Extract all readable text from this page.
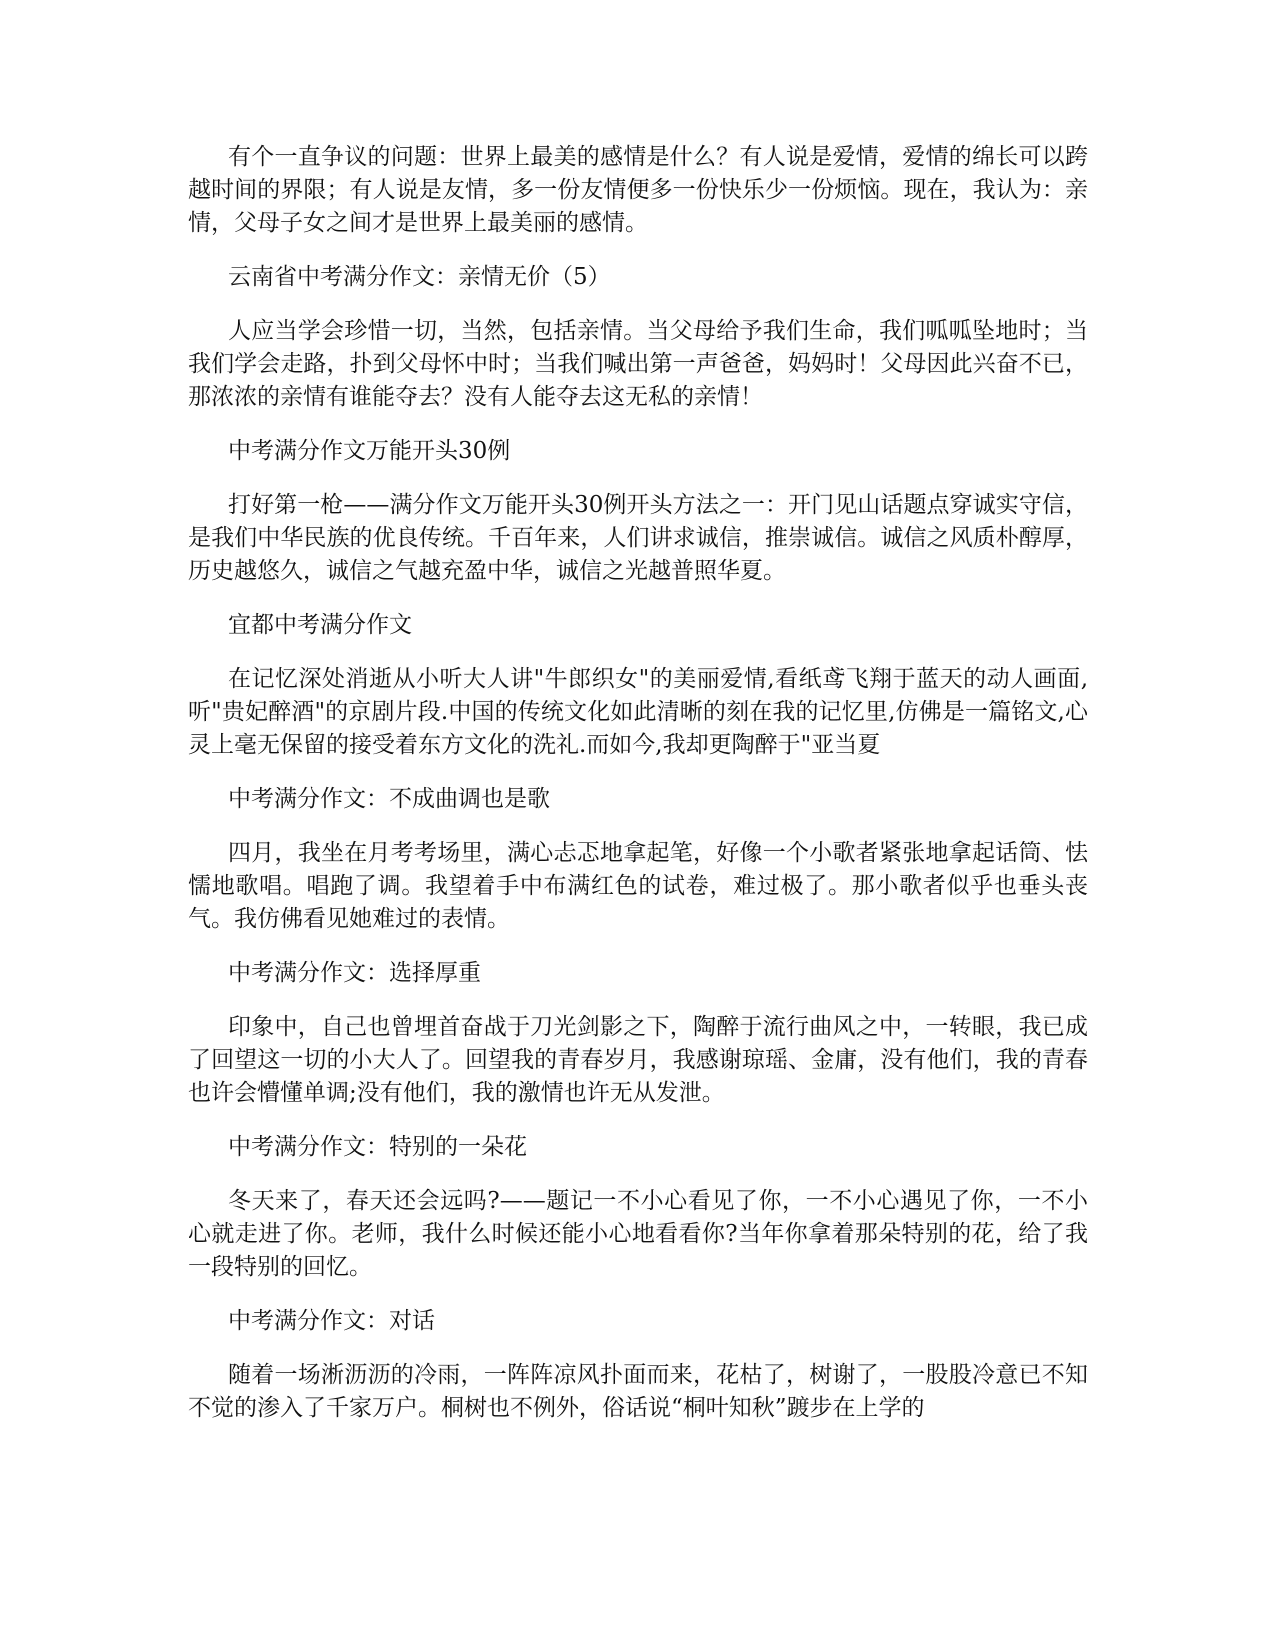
有个一直争议的问题：世界上最美的感情是什么？有人说是爱情，爱情的绵长可以跨越时间的界限；有人说是友情，多一份友情便多一份快乐少一份烦恼。现在，我认为：亲情，父母子女之间才是世界上最美丽的感情。

云南省中考满分作文：亲情无价（5）

人应当学会珍惜一切，当然，包括亲情。当父母给予我们生命，我们呱呱坠地时；当我们学会走路，扑到父母怀中时；当我们喊出第一声爸爸，妈妈时！父母因此兴奋不已，那浓浓的亲情有谁能夺去？没有人能夺去这无私的亲情！

中考满分作文万能开头30例

打好第一枪——满分作文万能开头30例开头方法之一：开门见山话题点穿诚实守信，是我们中华民族的优良传统。千百年来，人们讲求诚信，推崇诚信。诚信之风质朴醇厚，历史越悠久，诚信之气越充盈中华，诚信之光越普照华夏。

宜都中考满分作文

在记忆深处消逝从小听大人讲"牛郎织女"的美丽爱情,看纸鸢飞翔于蓝天的动人画面,听"贵妃醉酒"的京剧片段.中国的传统文化如此清晰的刻在我的记忆里,仿佛是一篇铭文,心灵上毫无保留的接受着东方文化的洗礼.而如今,我却更陶醉于"亚当夏

中考满分作文：不成曲调也是歌

四月，我坐在月考考场里，满心忐忑地拿起笔，好像一个小歌者紧张地拿起话筒、怯懦地歌唱。唱跑了调。我望着手中布满红色的试卷，难过极了。那小歌者似乎也垂头丧气。我仿佛看见她难过的表情。

中考满分作文：选择厚重

印象中，自己也曾埋首奋战于刀光剑影之下，陶醉于流行曲风之中，一转眼，我已成了回望这一切的小大人了。回望我的青春岁月，我感谢琼瑶、金庸，没有他们，我的青春也许会懵懂单调;没有他们，我的激情也许无从发泄。

中考满分作文：特别的一朵花

冬天来了，春天还会远吗?——题记一不小心看见了你，一不小心遇见了你，一不小心就走进了你。老师，我什么时候还能小心地看看你?当年你拿着那朵特别的花，给了我一段特别的回忆。

中考满分作文：对话

随着一场淅沥沥的冷雨，一阵阵凉风扑面而来，花枯了，树谢了，一股股冷意已不知不觉的渗入了千家万户。桐树也不例外，俗话说“桐叶知秋”踱步在上学的
